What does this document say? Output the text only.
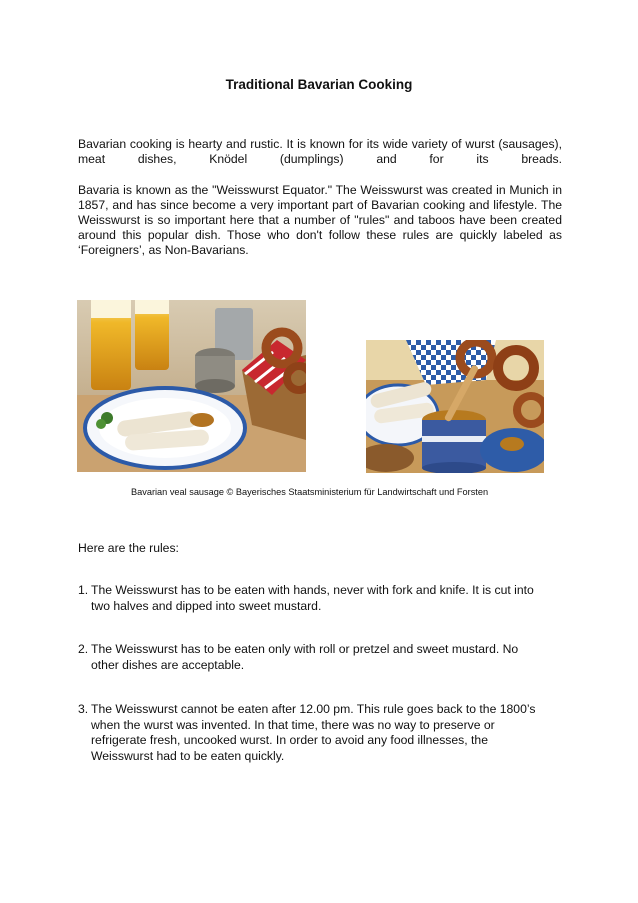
Traditional Bavarian Cooking

Bavarian cooking is hearty and rustic. It is known for its wide variety of wurst (sausages), meat dishes, Knödel (dumplings) and for its breads.

Bavaria is known as the "Weisswurst Equator." The Weisswurst was created in Munich in 1857, and has since become a very important part of Bavarian cooking and lifestyle. The Weisswurst is so important here that a number of "rules" and taboos have been created around this popular dish. Those who don't follow these rules are quickly labeled as ‘Foreigners’, as Non-Bavarians.

Bavarian veal sausage © Bayerisches Staatsministerium für Landwirtschaft und Forsten
Here are the rules:
1. The Weisswurst has to be eaten with hands, never with fork and knife. It is cut into two halves and dipped into sweet mustard.
2. The Weisswurst has to be eaten only with roll or pretzel and sweet mustard. No other dishes are acceptable.
3. The Weisswurst cannot be eaten after 12.00 pm. This rule goes back to the 1800’s when the wurst was invented. In that time, there was no way to preserve or refrigerate fresh, uncooked wurst. In order to avoid any food illnesses, the Weisswurst had to be eaten quickly.
